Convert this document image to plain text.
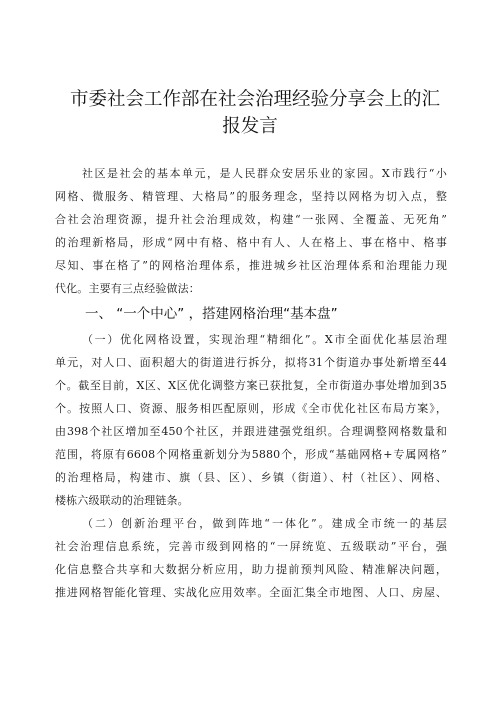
市委社会工作部在社会治理经验分享会上的汇
报发言
社区是社会的基本单元，是人民群众安居乐业的家园。X市践行“小
网格、微服务、精管理、大格局”的服务理念，坚持以网格为切入点，整
合社会治理资源，提升社会治理成效，构建“一张网、全覆盖、无死角”
的治理新格局，形成“网中有格、格中有人、人在格上、事在格中、格事
尽知、事在格了”的网格治理体系，推进城乡社区治理体系和治理能力现
代化。主要有三点经验做法：
一、 “一个中心” ，搭建网格治理“基本盘”
（一）优化网格设置，实现治理“精细化”。X市全面优化基层治理
单元，对人口、面积超大的街道进行拆分，拟将31个街道办事处新增至44
个。截至目前，X区、X区优化调整方案已获批复，全市街道办事处增加到35
个。按照人口、资源、服务相匹配原则，形成《全市优化社区布局方案》，
由398个社区增加至450个社区，并跟进建强党组织。合理调整网格数量和
范围，将原有6608个网格重新划分为5880个，形成“基础网格+专属网格”
的治理格局，构建市、旗（县、区）、乡镇（街道）、村（社区）、网格、
楼栋六级联动的治理链条。
（二）创新治理平台，做到阵地“一体化”。建成全市统一的基层
社会治理信息系统，完善市级到网格的“一屏统览、五级联动”平台，强
化信息整合共享和大数据分析应用，助力提前预判风险、精准解决问题，
推进网格智能化管理、实战化应用效率。全面汇集全市地图、人口、房屋、
